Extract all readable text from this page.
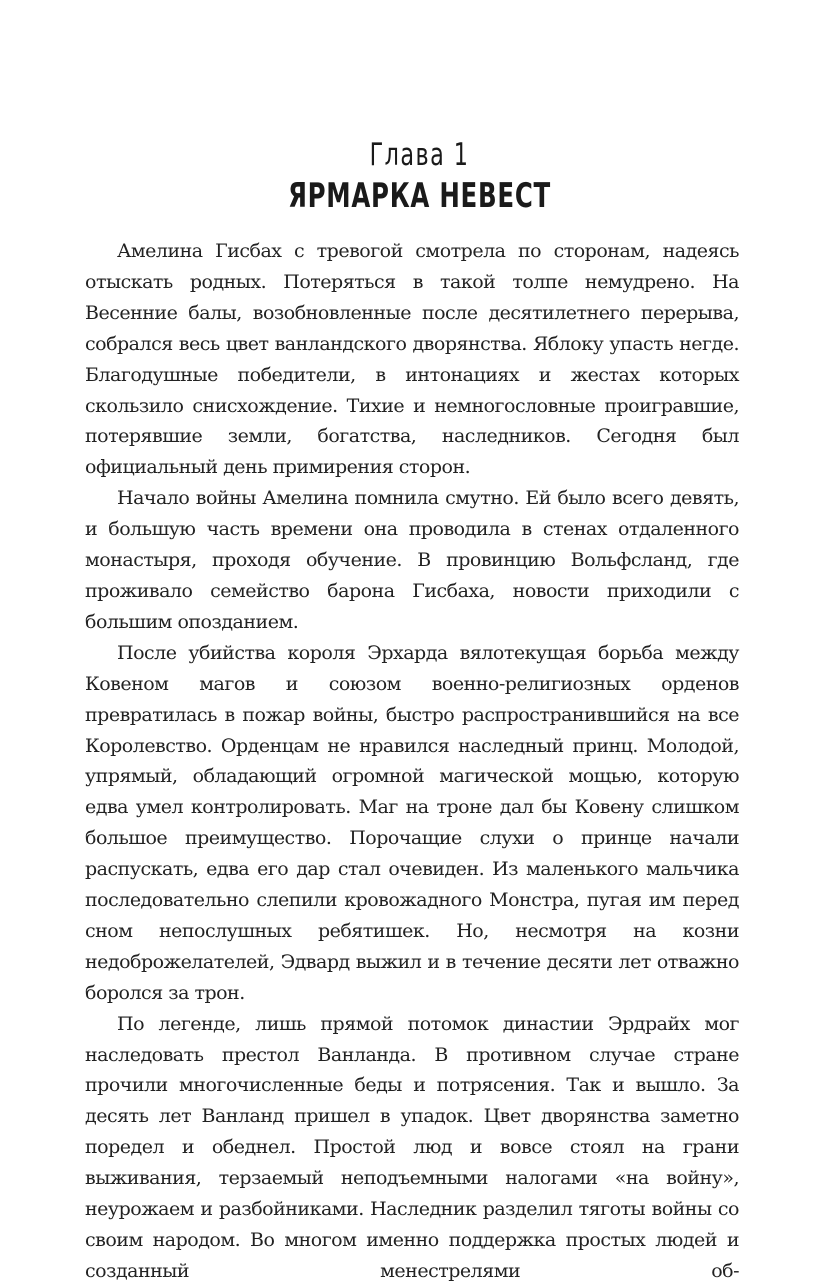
Глава 1
ЯРМАРКА НЕВЕСТ

Амелина Гисбах с тревогой смотрела по сторонам, надеясь отыскать родных. Потеряться в такой толпе немудрено. На Весенние балы, возобновленные после десятилетнего перерыва, собрался весь цвет ванландского дворянства. Яблоку упасть негде. Благодушные победители, в интонациях и жестах которых скользило снисхождение. Тихие и немногословные проигравшие, потерявшие земли, богатства, наследников. Сегодня был официальный день примирения сторон.

Начало войны Амелина помнила смутно. Ей было всего девять, и большую часть времени она проводила в стенах отдаленного монастыря, проходя обучение. В провинцию Вольфсланд, где проживало семейство барона Гисбаха, новости приходили с большим опозданием.

После убийства короля Эрхарда вялотекущая борьба между Ковеном магов и союзом военно-религиозных орденов превратилась в пожар войны, быстро распространившийся на все Королевство. Орденцам не нравился наследный принц. Молодой, упрямый, обладающий огромной магической мощью, которую едва умел контролировать. Маг на троне дал бы Ковену слишком большое преимущество. Порочащие слухи о принце начали распускать, едва его дар стал очевиден. Из маленького мальчика последовательно слепили кровожадного Монстра, пугая им перед сном непослушных ребятишек. Но, несмотря на козни недоброжелателей, Эдвард выжил и в течение десяти лет отважно боролся за трон.

По легенде, лишь прямой потомок династии Эрдрайх мог наследовать престол Ванланда. В противном случае стране прочили многочисленные беды и потрясения. Так и вышло. За десять лет Ванланд пришел в упадок. Цвет дворянства заметно поредел и обеднел. Простой люд и вовсе стоял на грани выживания, терзаемый неподъемными налогами «на войну», неурожаем и разбойниками. Наследник разделил тяготы войны со своим народом. Во многом именно поддержка простых людей и созданный менестрелями об-
